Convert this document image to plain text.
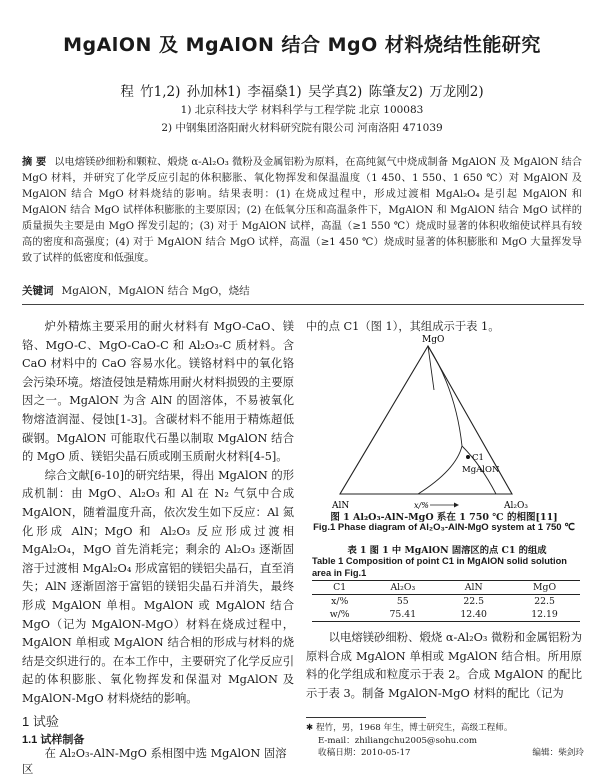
MgAlON 及 MgAlON 结合 MgO 材料烧结性能研究
程 竹1,2) 孙加林1) 李福燊1) 吴学真2) 陈肇友2) 万龙刚2)
1) 北京科技大学 材料科学与工程学院 北京 100083
2) 中钢集团洛阳耐火材料研究院有限公司 河南洛阳 471039
摘 要 以电熔镁砂细粉和颗粒、煅烧 α-Al₂O₃ 微粉及金属铝粉为原料，在高纯氮气中烧成制备 MgAlON 及 MgAlON 结合 MgO 材料，并研究了化学反应引起的体积膨胀、氧化物挥发和保温温度（1 450、1 550、1 650 ℃）对 MgAlON 及 MgAlON 结合 MgO 材料烧结的影响。结果表明：(1) 在烧成过程中，形成过渡相 MgAl₂O₄ 是引起 MgAlON 和 MgAlON 结合 MgO 试样体积膨胀的主要原因；(2) 在低氧分压和高温条件下，MgAlON 和 MgAlON 结合 MgO 试样的质量损失主要是由 MgO 挥发引起的；(3) 对于 MgAlON 试样，高温（≥1 550 ℃）烧成时显著的体积收缩使试样具有较高的密度和高强度；(4) 对于 MgAlON 结合 MgO 试样，高温（≥1 450 ℃）烧成时显著的体积膨胀和 MgO 大量挥发导致了试样的低密度和低强度。
关键词 MgAlON，MgAlON 结合 MgO，烧结

炉外精炼主要采用的耐火材料有 MgO-CaO、镁铬、MgO-C、MgO-CaO-C 和 Al₂O₃-C 质材料。含 CaO 材料中的 CaO 容易水化。镁铬材料中的氧化铬会污染环境。熔渣侵蚀是精炼用耐火材料损毁的主要原因之一。MgAlON 为含 AlN 的固溶体，不易被氧化物熔渣润湿、侵蚀[1-3]。含碳材料不能用于精炼超低碳钢。MgAlON 可能取代石墨以制取 MgAlON 结合的 MgO 质、镁铝尖晶石质或刚玉质耐火材料[4-5]。

综合文献[6-10]的研究结果，得出 MgAlON 的形成机制：由 MgO、Al₂O₃ 和 Al 在 N₂ 气氛中合成 MgAlON，随着温度升高，依次发生如下反应：Al 氮化形成 AlN；MgO 和 Al₂O₃ 反应形成过渡相 MgAl₂O₄，MgO 首先消耗完；剩余的 Al₂O₃ 逐渐固溶于过渡相 MgAl₂O₄ 形成富铝的镁铝尖晶石，直至消失；AlN 逐渐固溶于富铝的镁铝尖晶石并消失，最终形成 MgAlON 单相。MgAlON 或 MgAlON 结合 MgO（记为 MgAlON-MgO）材料在烧成过程中，MgAlON 单相或 MgAlON 结合相的形成与材料的烧结是交织进行的。在本工作中，主要研究了化学反应引起的体积膨胀、氧化物挥发和保温对 MgAlON 及 MgAlON-MgO 材料烧结的影响。

中的点 C1（图 1），其组成示于表 1。
MgO
AlN	Al₂O₃
C1
MgAlON
x/%
图 1 Al₂O₃-AlN-MgO 系在 1 750 ℃ 的相图[11]
Fig.1 Phase diagram of Al₂O₃-AlN-MgO system at 1 750 ℃
表 1 图 1 中 MgAlON 固溶区的点 C1 的组成
Table 1 Composition of point C1 in MgAlON solid solution area in Fig.1
C1	Al₂O₃	AlN	MgO
x/%	55	22.5	22.5
w/%	75.41	12.40	12.19

以电熔镁砂细粉、煅烧 α-Al₂O₃ 微粉和金属铝粉为原料合成 MgAlON 单相或 MgAlON 结合相。所用原料的化学组成和粒度示于表 2。合成 MgAlON 的配比示于表 3。制备 MgAlON-MgO 材料的配比（记为

1 试验
1.1 试样制备
在 Al₂O₃-AlN-MgO 系相图中选 MgAlON 固溶区
✱ 程竹，男，1968 年生，博士研究生，高级工程师。
E-mail：zhiliangchu2005@sohu.com
收稿日期：2010-05-17	编辑：柴剑玲
